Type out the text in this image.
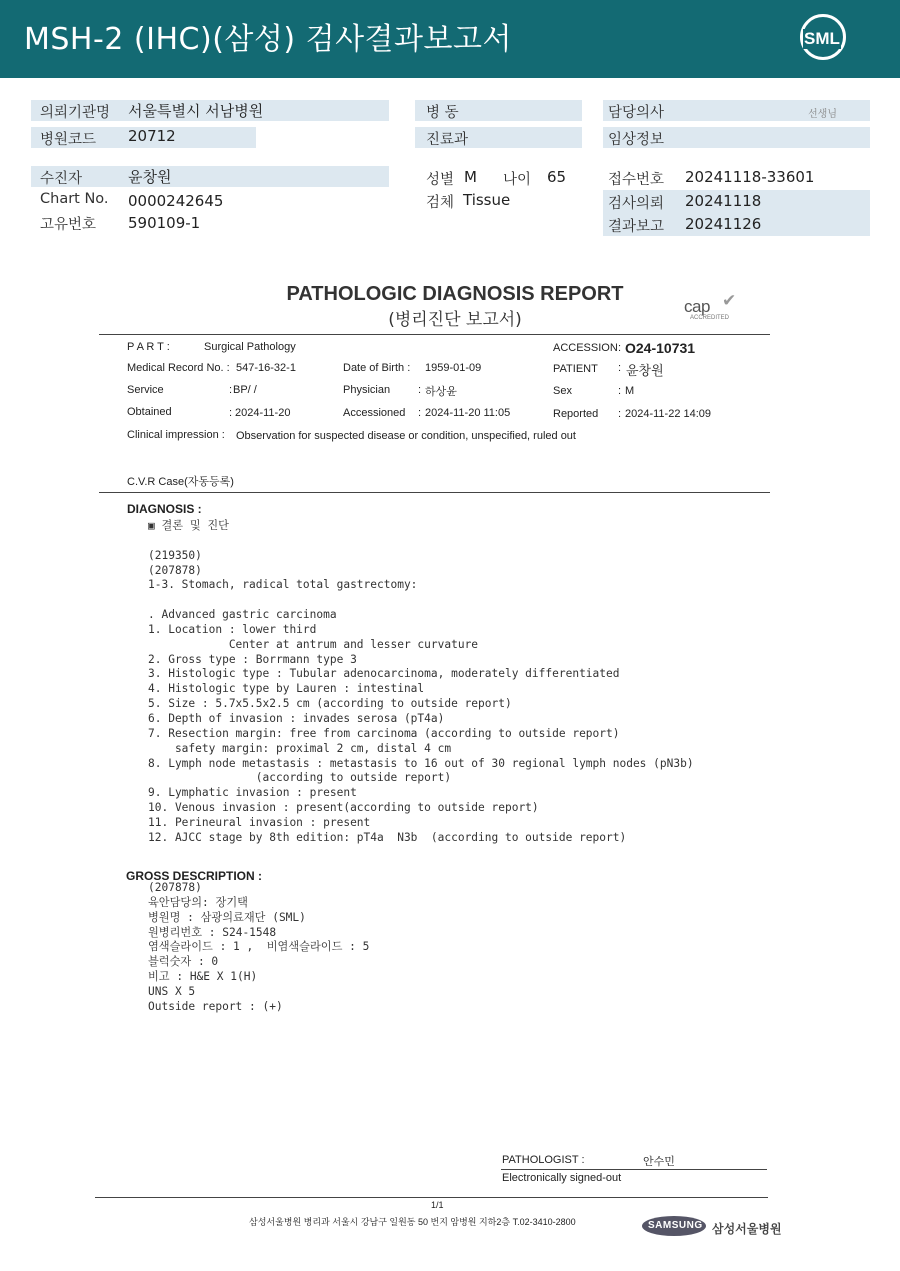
MSH-2 (IHC)(삼성) 검사결과보고서	SML
의뢰기관명 서울특별시 서남병원
병원코드 20712
병 동
진료과
담당의사	선생님
임상정보
수진자	윤창원
Chart No. 0000242645
고유번호 590109-1
성별 M 나이 65
검체 Tissue
접수번호 20241118-33601
검사의뢰 20241118
결과보고 20241126
PATHOLOGIC DIAGNOSIS REPORT
(병리진단 보고서)
cap ✔
ACCREDITED
P A R T :	Surgical Pathology	ACCESSION : O24-10731
Medical Record No. : 547-16-32-1	Date of Birth : 1959-01-09	PATIENT : 윤창원
Service	: BP/ /	Physician	: 하상윤	Sex	: M
Obtained	: 2024-11-20	Accessioned : 2024-11-20 11:05	Reported : 2024-11-22 14:09
Clinical impression : Observation for suspected disease or condition, unspecified, ruled out
C.V.R Case(자동등록)
DIAGNOSIS :
▣ 결론 및 진단

(219350)
(207878)
1-3. Stomach, radical total gastrectomy:

. Advanced gastric carcinoma
1. Location : lower third
Center at antrum and lesser curvature
2. Gross type : Borrmann type 3
3. Histologic type : Tubular adenocarcinoma, moderately differentiated
4. Histologic type by Lauren : intestinal
5. Size : 5.7x5.5x2.5 cm (according to outside report)
6. Depth of invasion : invades serosa (pT4a)
7. Resection margin: free from carcinoma (according to outside report)
safety margin: proximal 2 cm, distal 4 cm
8. Lymph node metastasis : metastasis to 16 out of 30 regional lymph nodes (pN3b)
(according to outside report)
9. Lymphatic invasion : present
10. Venous invasion : present(according to outside report)
11. Perineural invasion : present
12. AJCC stage by 8th edition: pT4a  N3b  (according to outside report)
GROSS DESCRIPTION :
(207878)
육안담당의: 장기택
병원명 : 삼광의료재단 (SML)
원병리번호 : S24-1548
염색슬라이드 : 1 ,  비염색슬라이드 : 5
블럭숫자 : 0
비고 : H&E X 1(H)
UNS X 5
Outside report : (+)
PATHOLOGIST :	안수민
Electronically signed-out
1/1
삼성서울병원 병리과 서울시 강남구 일원동 50 번지 암병원 지하2층 T.02-3410-2800	SAMSUNG 삼성서울병원
